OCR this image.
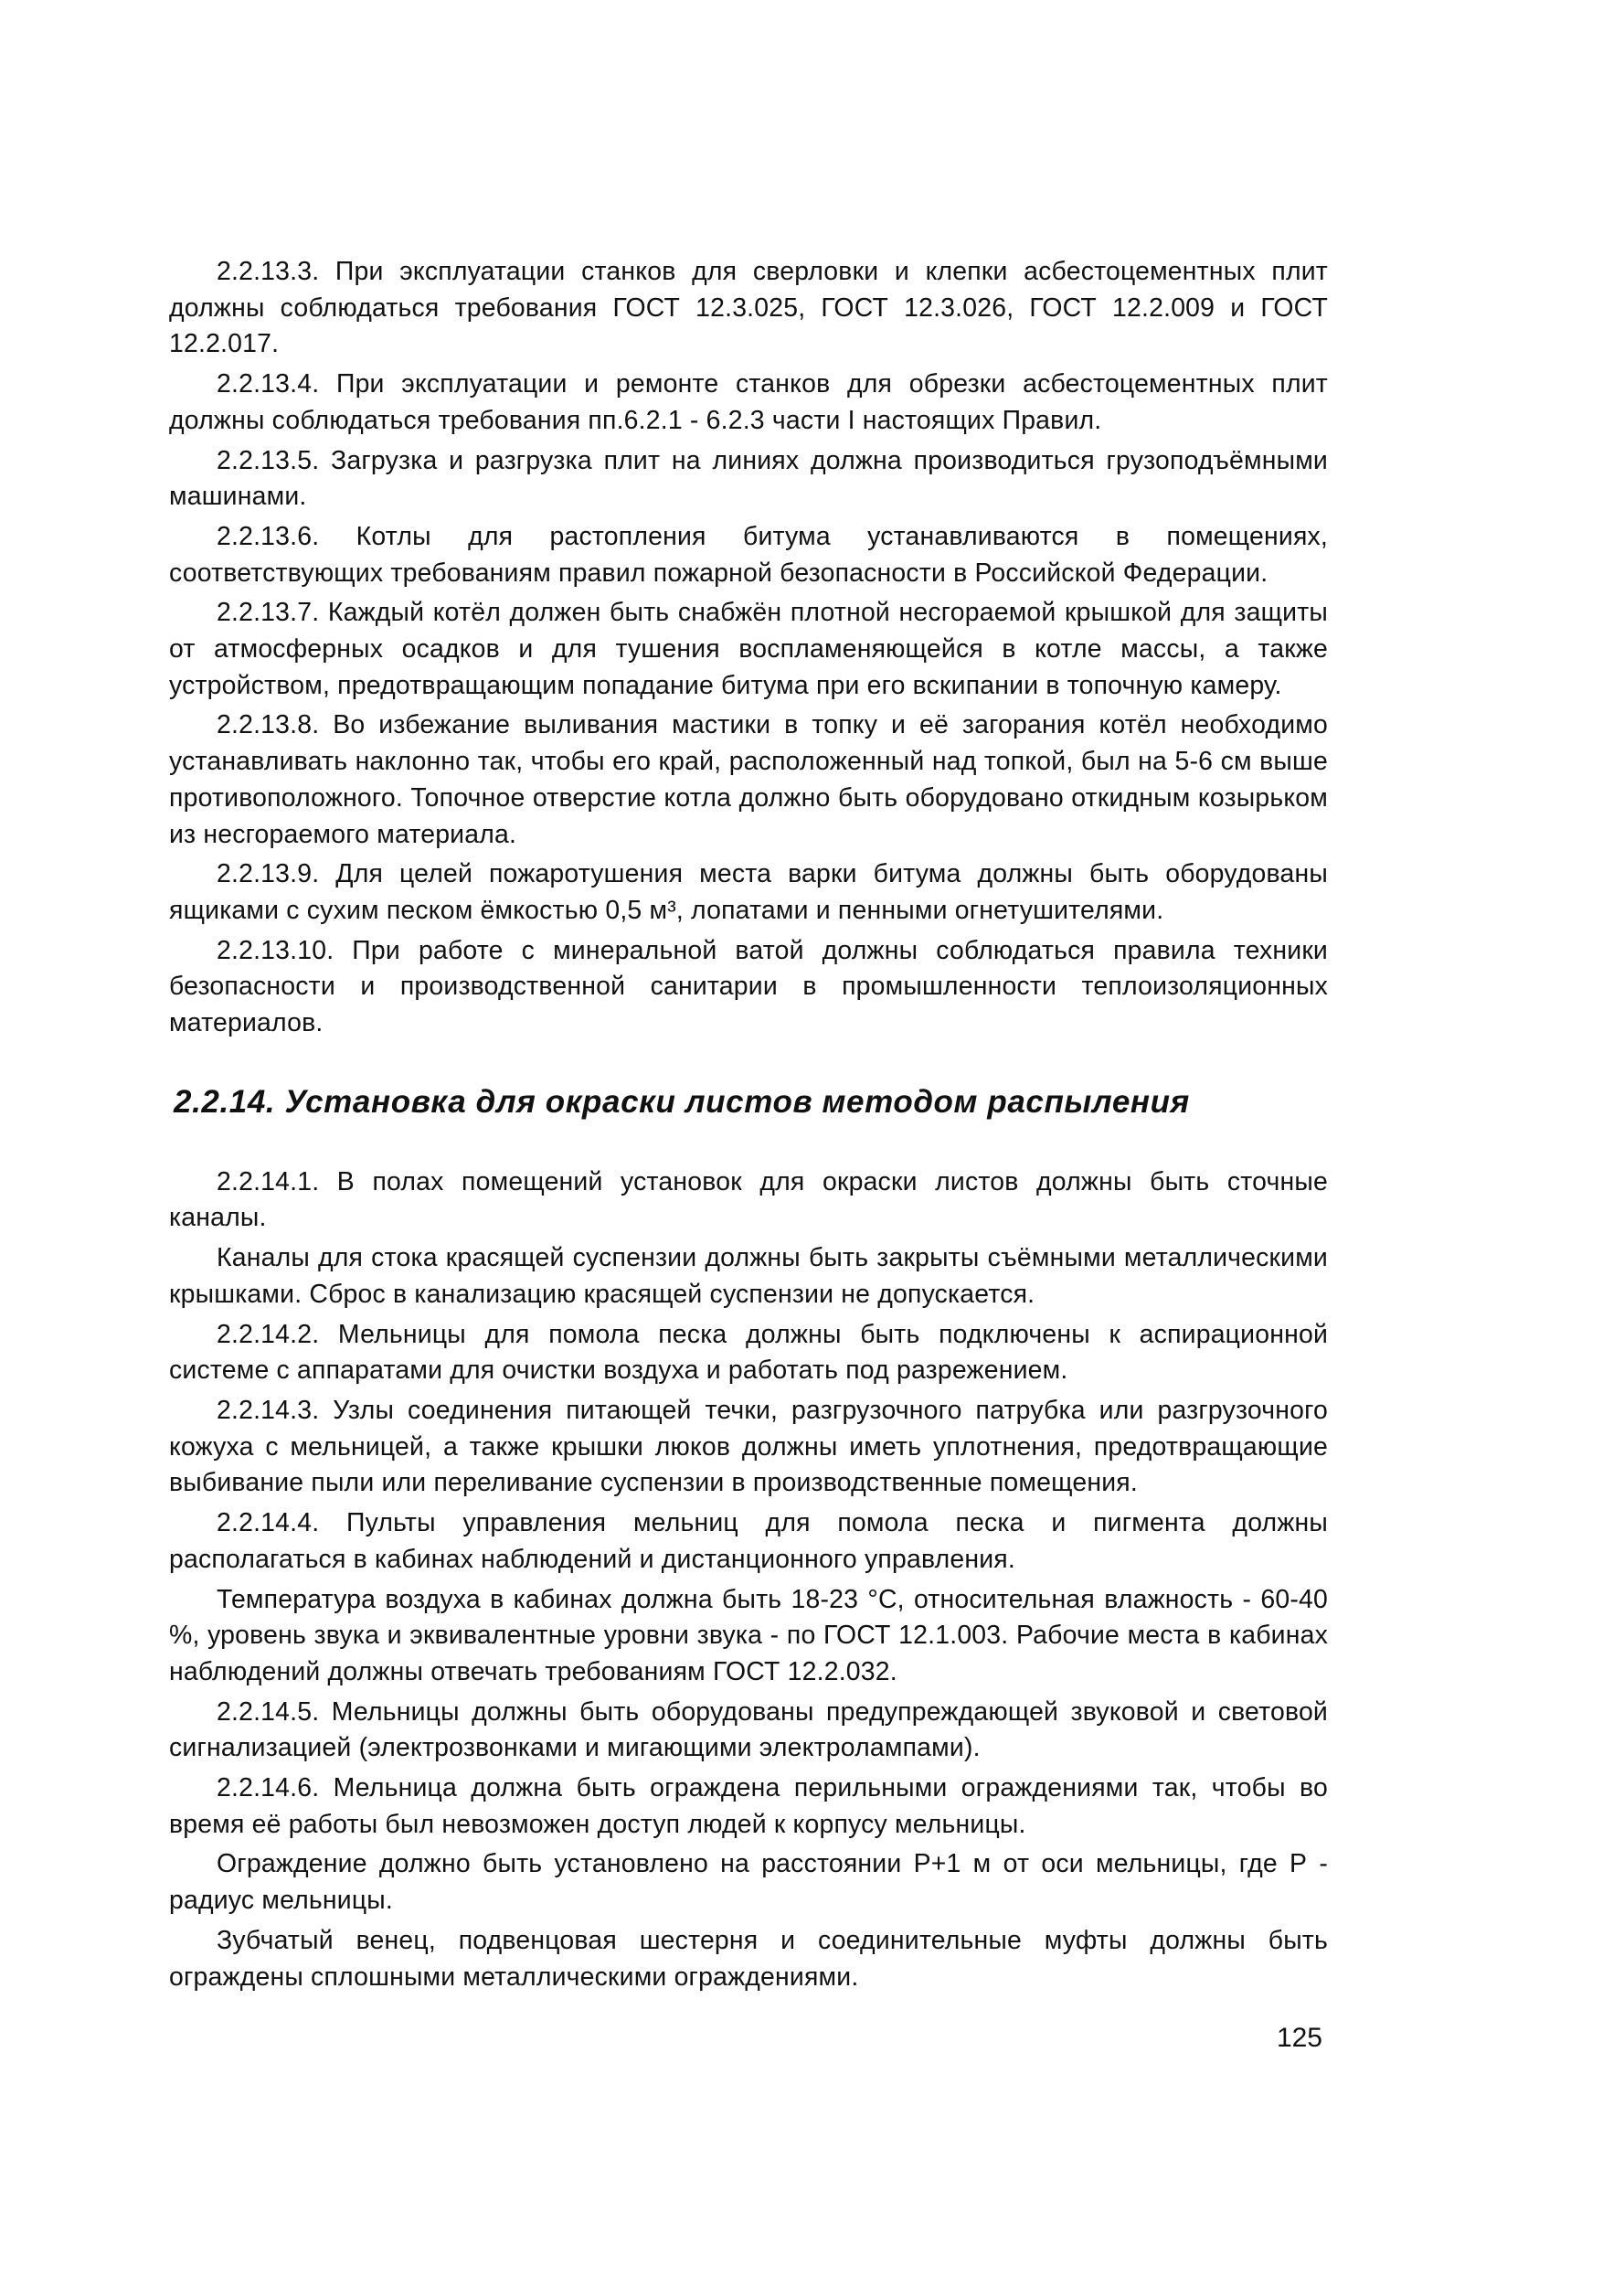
2.2.13.3. При эксплуатации станков для сверловки и клепки асбестоцементных плит должны соблюдаться требования ГОСТ 12.3.025, ГОСТ 12.3.026, ГОСТ 12.2.009 и ГОСТ 12.2.017.

2.2.13.4. При эксплуатации и ремонте станков для обрезки асбестоцементных плит должны соблюдаться требования пп.6.2.1 - 6.2.3 части I настоящих Правил.

2.2.13.5. Загрузка и разгрузка плит на линиях должна производиться грузоподъёмными машинами.

2.2.13.6. Котлы для растопления битума устанавливаются в помещениях, соответствующих требованиям правил пожарной безопасности в Российской Федерации.

2.2.13.7. Каждый котёл должен быть снабжён плотной несгораемой крышкой для защиты от атмосферных осадков и для тушения воспламеняющейся в котле массы, а также устройством, предотвращающим попадание битума при его вскипании в топочную камеру.

2.2.13.8. Во избежание выливания мастики в топку и её загорания котёл необходимо устанавливать наклонно так, чтобы его край, расположенный над топкой, был на 5-6 см выше противоположного. Топочное отверстие котла должно быть оборудовано откидным козырьком из несгораемого материала.

2.2.13.9. Для целей пожаротушения места варки битума должны быть оборудованы ящиками с сухим песком ёмкостью 0,5 м³, лопатами и пенными огнетушителями.

2.2.13.10. При работе с минеральной ватой должны соблюдаться правила техники безопасности и производственной санитарии в промышленности теплоизоляционных материалов.

2.2.14. Установка для окраски листов методом распыления

2.2.14.1. В полах помещений установок для окраски листов должны быть сточные каналы.

Каналы для стока красящей суспензии должны быть закрыты съёмными металлическими крышками. Сброс в канализацию красящей суспензии не допускается.

2.2.14.2. Мельницы для помола песка должны быть подключены к аспирационной системе с аппаратами для очистки воздуха и работать под разрежением.

2.2.14.3. Узлы соединения питающей течки, разгрузочного патрубка или разгрузочного кожуха с мельницей, а также крышки люков должны иметь уплотнения, предотвращающие выбивание пыли или переливание суспензии в производственные помещения.

2.2.14.4. Пульты управления мельниц для помола песка и пигмента должны располагаться в кабинах наблюдений и дистанционного управления.

Температура воздуха в кабинах должна быть 18-23 °С, относительная влажность - 60-40 %, уровень звука и эквивалентные уровни звука - по ГОСТ 12.1.003. Рабочие места в кабинах наблюдений должны отвечать требованиям ГОСТ 12.2.032.

2.2.14.5. Мельницы должны быть оборудованы предупреждающей звуковой и световой сигнализацией (электрозвонками и мигающими электролампами).

2.2.14.6. Мельница должна быть ограждена перильными ограждениями так, чтобы во время её работы был невозможен доступ людей к корпусу мельницы.

Ограждение должно быть установлено на расстоянии Р+1 м от оси мельницы, где Р - радиус мельницы.

Зубчатый венец, подвенцовая шестерня и соединительные муфты должны быть ограждены сплошными металлическими ограждениями.

125
